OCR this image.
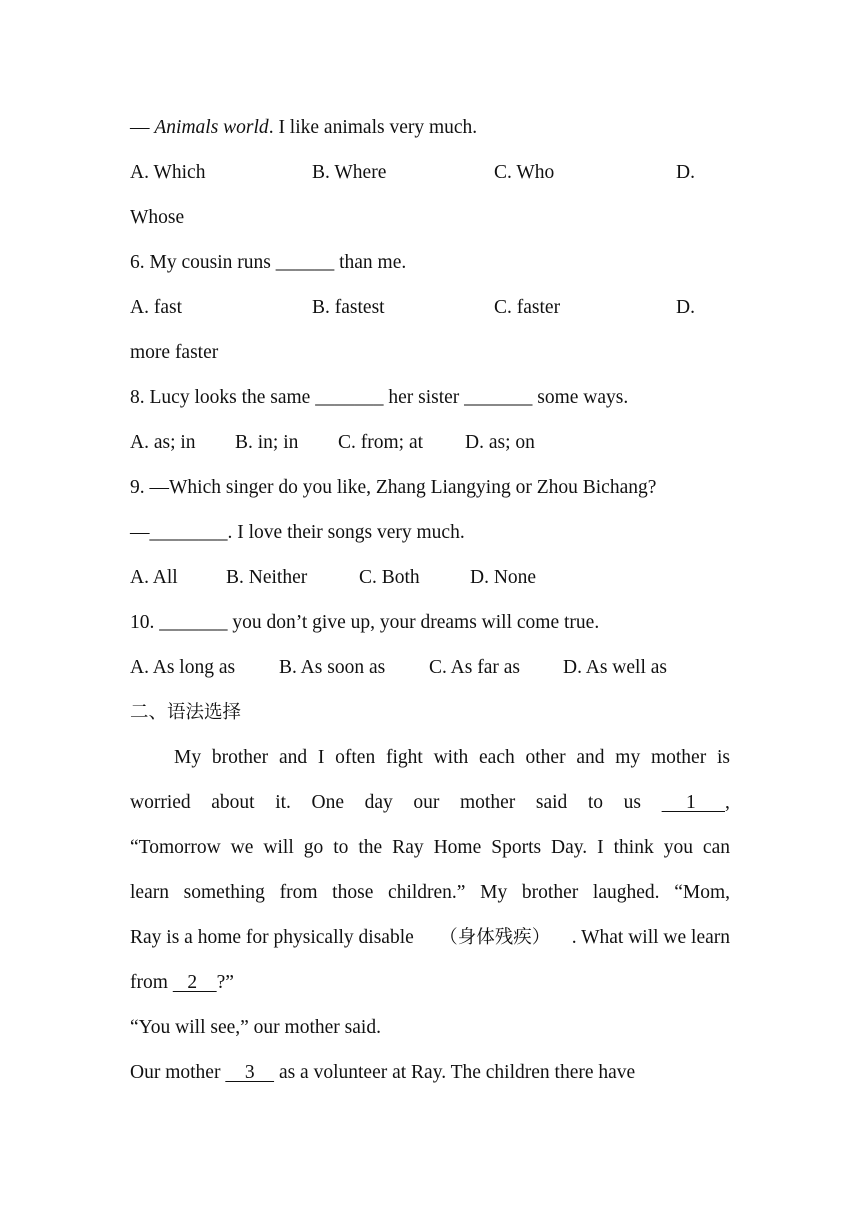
— Animals world. I like animals very much.
A. Which	B. Where	C. Who	D.
Whose
6. My cousin runs ______ than me.
A. fast	B. fastest	C. faster	D.
more faster
8. Lucy looks the same _______ her sister _______ some ways.
A. as; in B. in; in C. from; at D. as; on
9. —Which singer do you like, Zhang Liangying or Zhou Bichang?
—________. I love their songs very much.
A. All B. Neither	C. Both	D. None
10. _______ you don’t give up, your dreams will come true.
A. As long as B. As soon as C. As far as D. As well as
二、语法选择
My brother and I often fight with each other and my mother is
worried about it. One day our mother said to us 1      ,
“Tomorrow we will go to the Ray Home Sports Day. I think you can
learn something from those children.” My brother laughed. “Mom,
Ray is a home for physically disable （身体残疾） . What will we learn
from    2    ?”
“You will see,” our mother said.
Our mother     3     as a volunteer at Ray. The children there have
